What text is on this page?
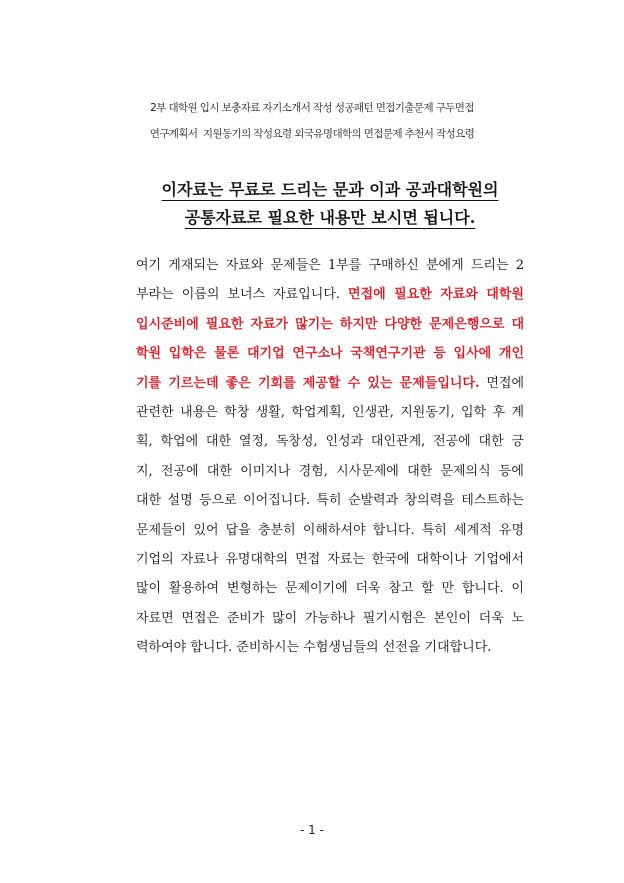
2부 대학원 입시 보충자료 자기소개서 작성 성공패턴 면접기출문제 구두면접
연구계획서  지원동기의 작성요령 외국유명대학의 면접문제 추천서 작성요령
이자료는 무료로 드리는 문과 이과 공과대학원의
공통자료로 필요한 내용만 보시면 됩니다.
여기 게재되는 자료와 문제들은 1부를 구매하신 분에게 드리는 2
부라는 이름의 보너스 자료입니다. 면접에 필요한 자료와 대학원
입시준비에 필요한 자료가 많기는 하지만 다양한 문제은행으로 대
학원 입학은 물론 대기업 연구소나 국책연구기관 등 입사에 개인
기를 기르는데 좋은 기회를 제공할 수 있는 문제들입니다. 면접에
관련한 내용은 학창 생활, 학업계획, 인생관, 지원동기, 입학 후 계
획, 학업에 대한 열정, 독창성, 인성과 대인관계, 전공에 대한 긍
지, 전공에 대한 이미지나 경험, 시사문제에 대한 문제의식 등에
대한 설명 등으로 이어집니다. 특히 순발력과 창의력을 테스트하는
문제들이 있어 답을 충분히 이해하셔야 합니다. 특히 세계적 유명
기업의 자료나 유명대학의 면접 자료는 한국에 대학이나 기업에서
많이 활용하여 변형하는 문제이기에 더욱 참고 할 만 합니다. 이
자료면 면접은 준비가 많이 가능하나 필기시험은 본인이 더욱 노
력하여야 합니다. 준비하시는 수험생님들의 선전을 기대합니다.
- 1 -
